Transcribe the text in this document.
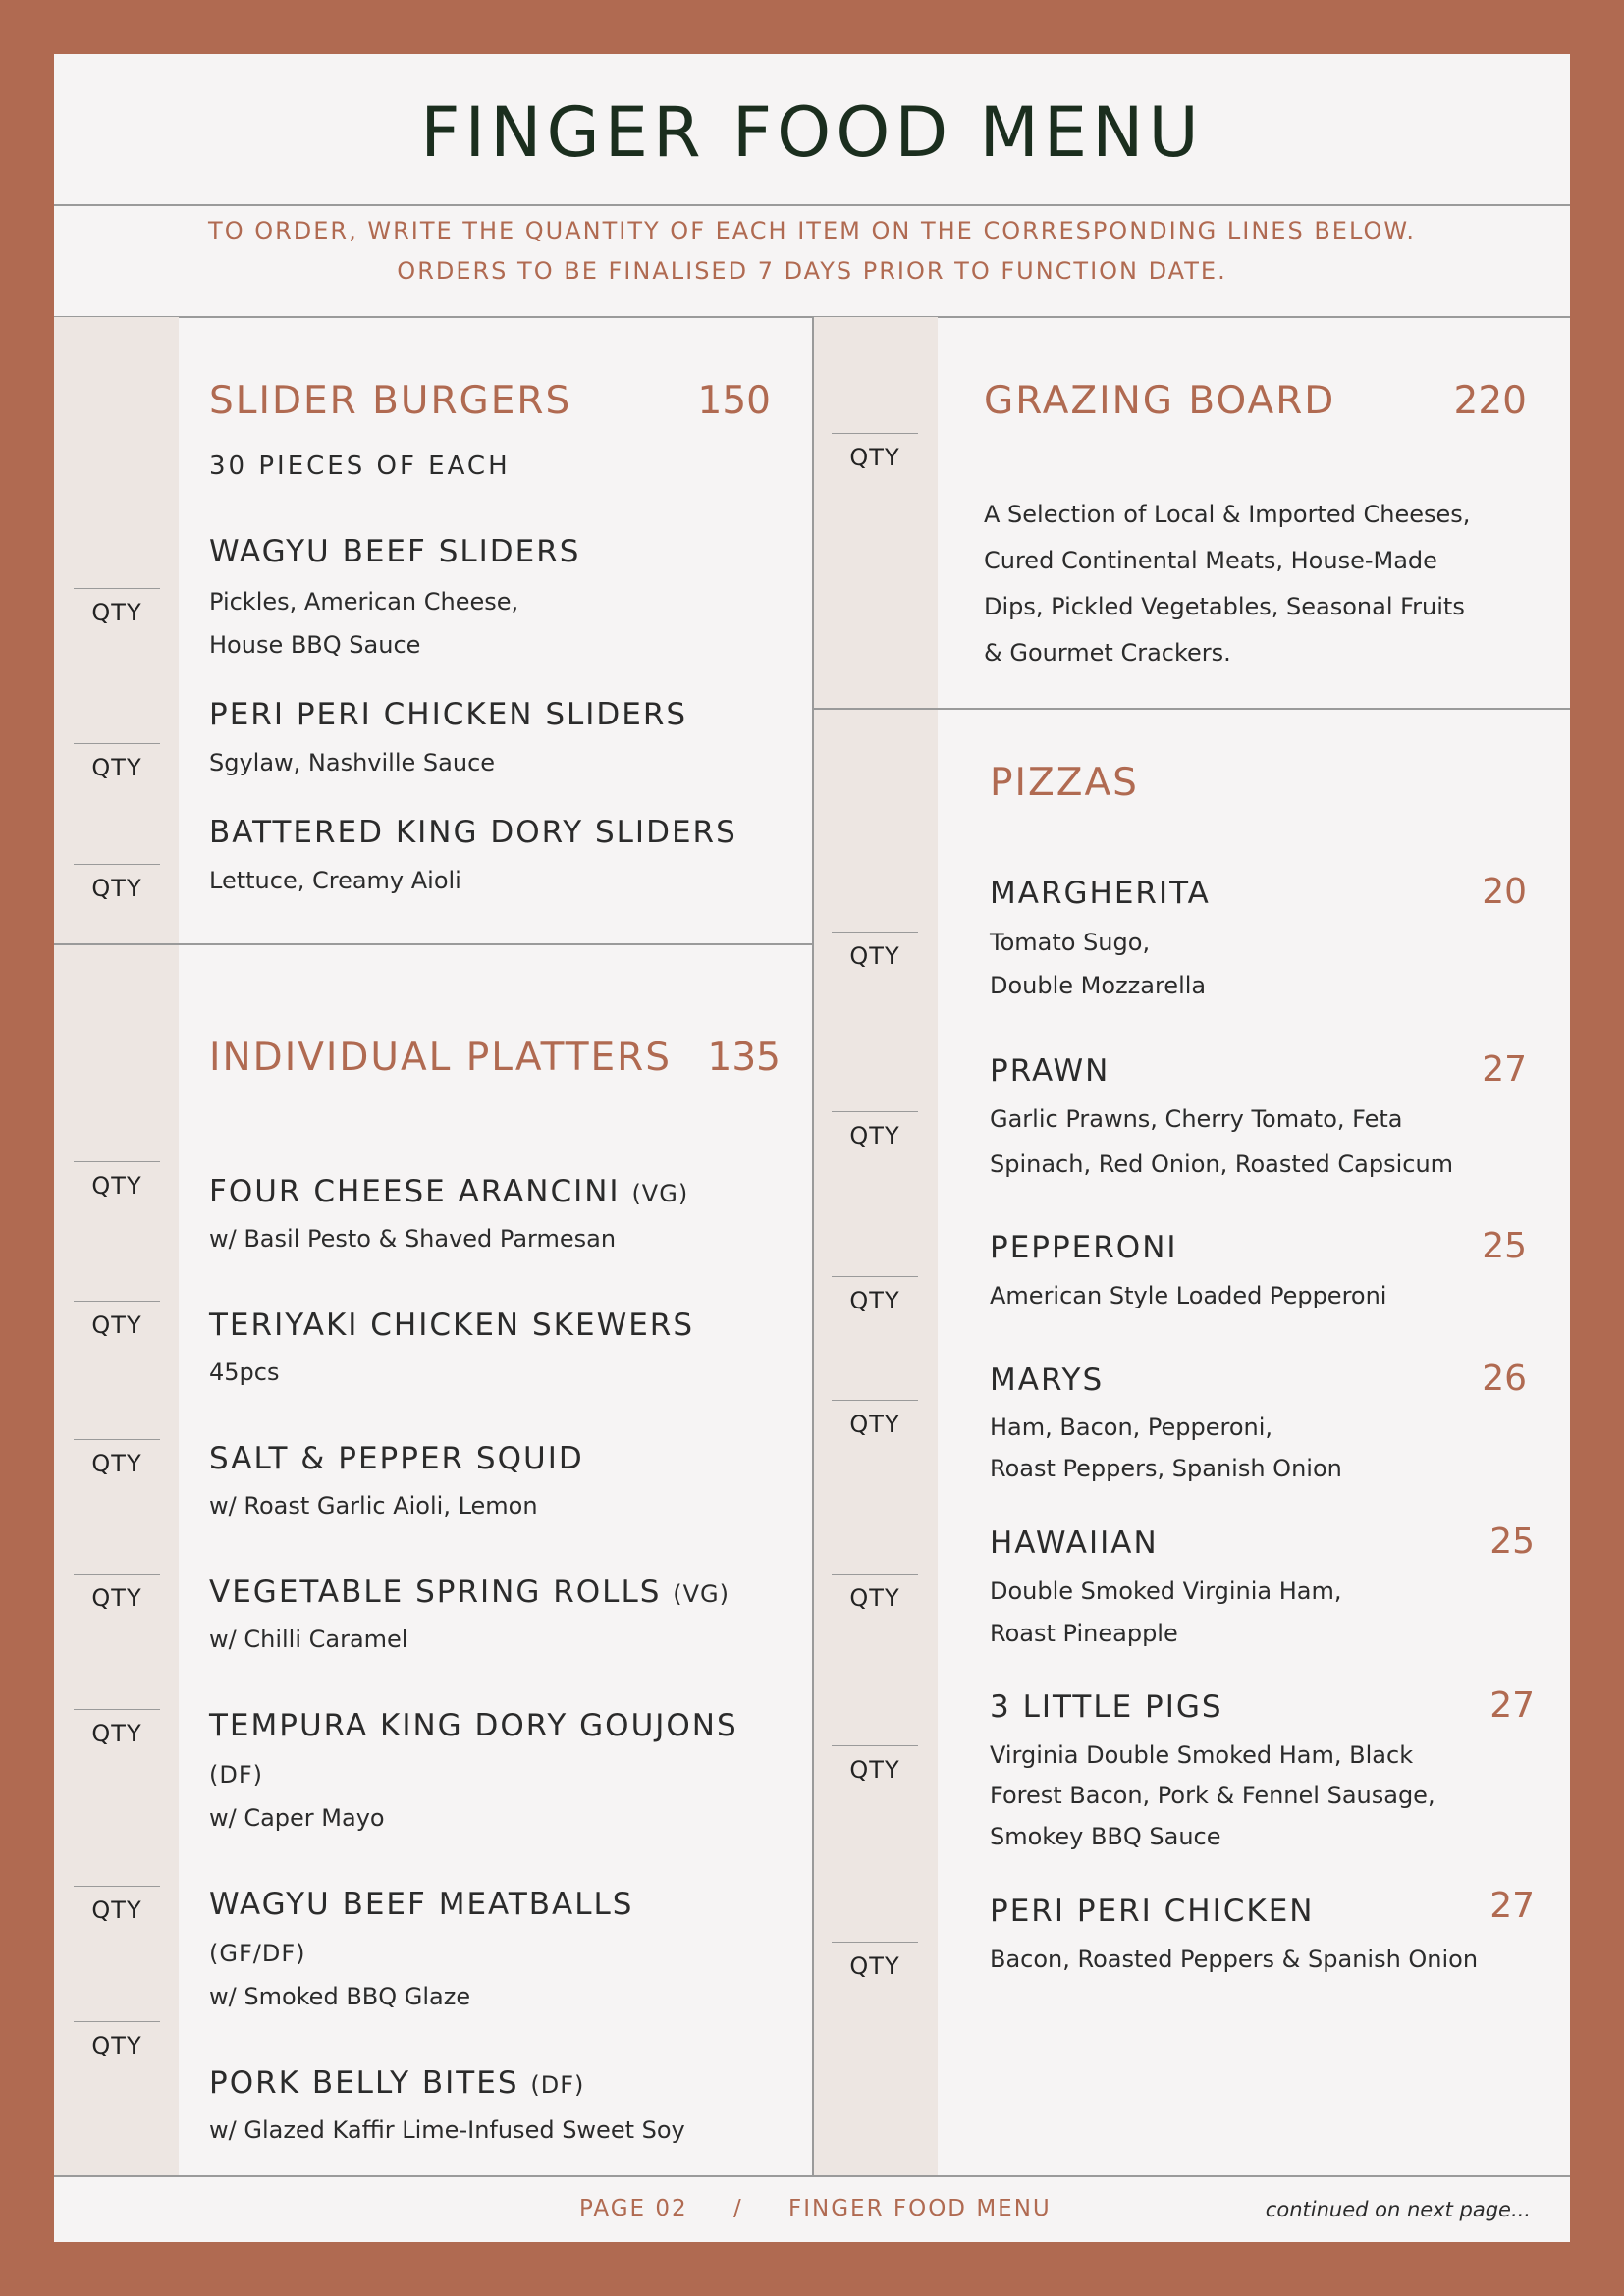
FINGER FOOD MENU
TO ORDER, WRITE THE QUANTITY OF EACH ITEM ON THE CORRESPONDING LINES BELOW.
ORDERS TO BE FINALISED 7 DAYS PRIOR TO FUNCTION DATE.
SLIDER BURGERS	150
30 PIECES OF EACH
WAGYU BEEF SLIDERS
Pickles, American Cheese,
House BBQ Sauce
QTY
PERI PERI CHICKEN SLIDERS
Sgylaw, Nashville Sauce
QTY
BATTERED KING DORY SLIDERS
Lettuce, Creamy Aioli
QTY
INDIVIDUAL PLATTERS 135
FOUR CHEESE ARANCINI (VG)
w/ Basil Pesto & Shaved Parmesan
QTY
TERIYAKI CHICKEN SKEWERS
45pcs
QTY
SALT & PEPPER SQUID
w/ Roast Garlic Aioli, Lemon
QTY
VEGETABLE SPRING ROLLS (VG)
w/ Chilli Caramel
QTY
TEMPURA KING DORY GOUJONS
(DF)
w/ Caper Mayo
QTY
WAGYU BEEF MEATBALLS
(GF/DF)
w/ Smoked BBQ Glaze
QTY
PORK BELLY BITES (DF)
w/ Glazed Kaffir Lime-Infused Sweet Soy
QTY
GRAZING BOARD	220
A Selection of Local & Imported Cheeses,
Cured Continental Meats, House-Made
Dips, Pickled Vegetables, Seasonal Fruits
& Gourmet Crackers.
QTY
PIZZAS
MARGHERITA	20
Tomato Sugo,
Double Mozzarella
QTY
PRAWN	27
Garlic Prawns, Cherry Tomato, Feta
Spinach, Red Onion, Roasted Capsicum
QTY
PEPPERONI	25
American Style Loaded Pepperoni
QTY
MARYS	26
Ham, Bacon, Pepperoni,
Roast Peppers, Spanish Onion
QTY
HAWAIIAN	25
Double Smoked Virginia Ham,
Roast Pineapple
QTY
3 LITTLE PIGS	27
Virginia Double Smoked Ham, Black
Forest Bacon, Pork & Fennel Sausage,
Smokey BBQ Sauce
QTY
PERI PERI CHICKEN	27
Bacon, Roasted Peppers & Spanish Onion
QTY
PAGE 02 / FINGER FOOD MENU	continued on next page...
